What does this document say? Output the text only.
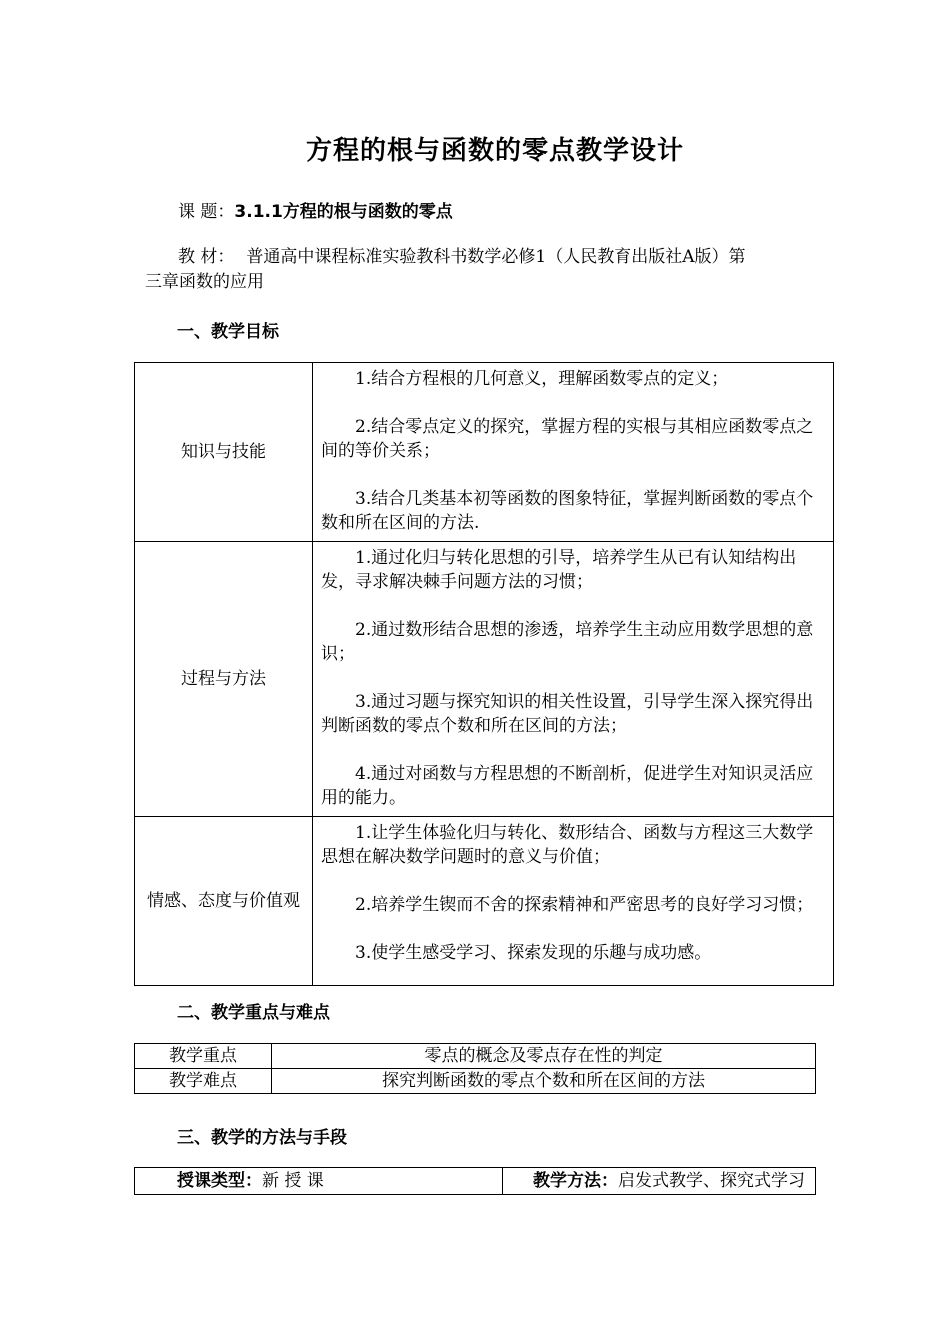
方程的根与函数的零点教学设计
课 题：3.1.1方程的根与函数的零点
教 材： 普通高中课程标准实验教科书数学必修1（人民教育出版社A版）第
三章函数的应用
一、教学目标
知识与技能	1.结合方程根的几何意义，理解函数零点的定义；

2.结合零点定义的探究，掌握方程的实根与其相应函数零点之间的等价关系；

3.结合几类基本初等函数的图象特征，掌握判断函数的零点个数和所在区间的方法.

过程与方法	1.通过化归与转化思想的引导，培养学生从已有认知结构出发，寻求解决棘手问题方法的习惯；

2.通过数形结合思想的渗透，培养学生主动应用数学思想的意识；

3.通过习题与探究知识的相关性设置，引导学生深入探究得出判断函数的零点个数和所在区间的方法；

4.通过对函数与方程思想的不断剖析，促进学生对知识灵活应用的能力。

情感、态度与价值观	1.让学生体验化归与转化、数形结合、函数与方程这三大数学思想在解决数学问题时的意义与价值；

2.培养学生锲而不舍的探索精神和严密思考的良好学习习惯；

3.使学生感受学习、探索发现的乐趣与成功感。

二、教学重点与难点
教学重点	零点的概念及零点存在性的判定
教学难点	探究判断函数的零点个数和所在区间的方法
三、教学的方法与手段
授课类型：新 授 课	教学方法：启发式教学、探究式学习
